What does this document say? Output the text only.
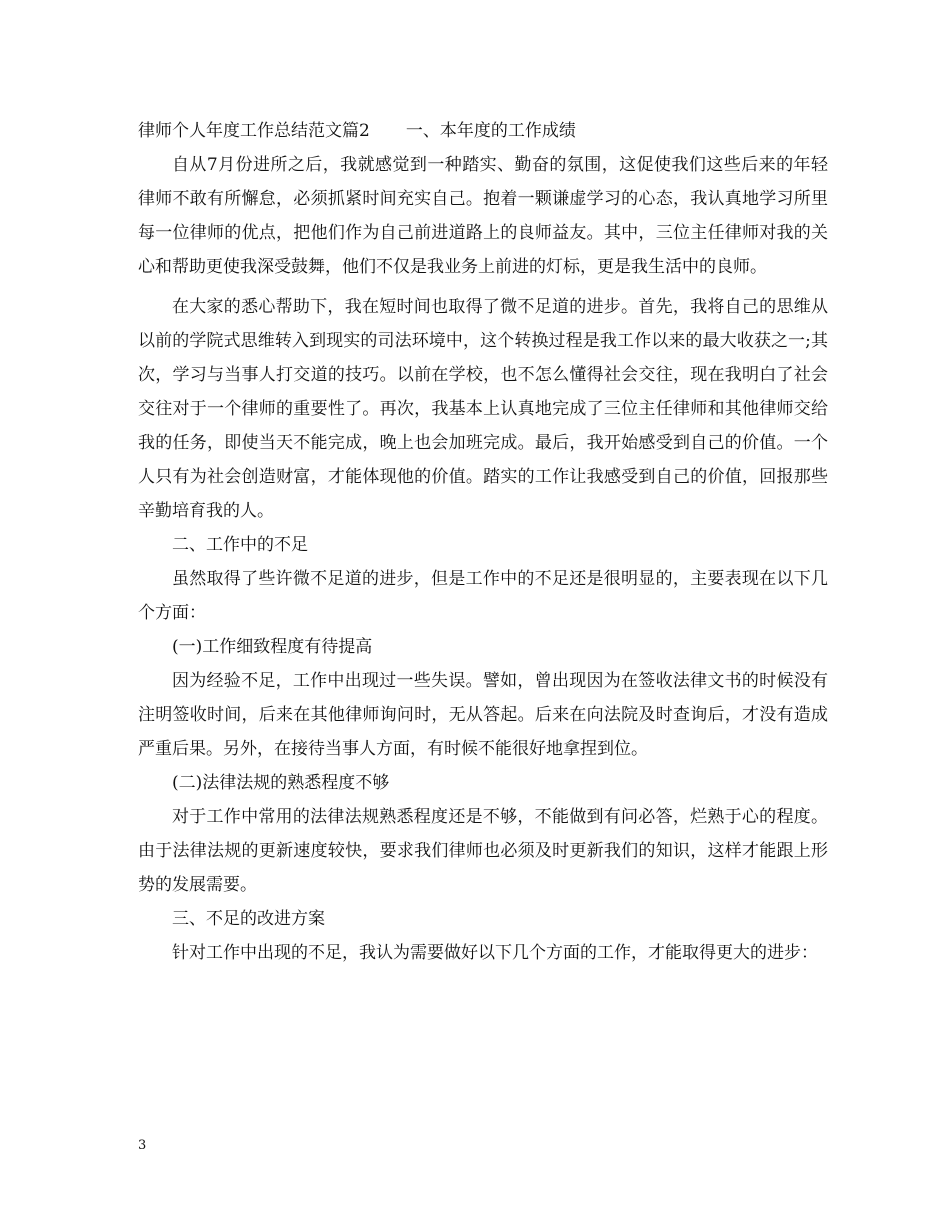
律师个人年度工作总结范文篇2 一、本年度的工作成绩

自从7月份进所之后，我就感觉到一种踏实、勤奋的氛围，这促使我们这些后来的年轻律师不敢有所懈怠，必须抓紧时间充实自己。抱着一颗谦虚学习的心态，我认真地学习所里每一位律师的优点，把他们作为自己前进道路上的良师益友。其中，三位主任律师对我的关心和帮助更使我深受鼓舞，他们不仅是我业务上前进的灯标，更是我生活中的良师。

在大家的悉心帮助下，我在短时间也取得了微不足道的进步。首先，我将自己的思维从以前的学院式思维转入到现实的司法环境中，这个转换过程是我工作以来的最大收获之一;其次，学习与当事人打交道的技巧。以前在学校，也不怎么懂得社会交往，现在我明白了社会交往对于一个律师的重要性了。再次，我基本上认真地完成了三位主任律师和其他律师交给我的任务，即使当天不能完成，晚上也会加班完成。最后，我开始感受到自己的价值。一个人只有为社会创造财富，才能体现他的价值。踏实的工作让我感受到自己的价值，回报那些辛勤培育我的人。

二、工作中的不足

虽然取得了些许微不足道的进步，但是工作中的不足还是很明显的，主要表现在以下几个方面：

(一)工作细致程度有待提高

因为经验不足，工作中出现过一些失误。譬如，曾出现因为在签收法律文书的时候没有注明签收时间，后来在其他律师询问时，无从答起。后来在向法院及时查询后，才没有造成严重后果。另外，在接待当事人方面，有时候不能很好地拿捏到位。

(二)法律法规的熟悉程度不够

对于工作中常用的法律法规熟悉程度还是不够，不能做到有问必答，烂熟于心的程度。由于法律法规的更新速度较快，要求我们律师也必须及时更新我们的知识，这样才能跟上形势的发展需要。

三、不足的改进方案

针对工作中出现的不足，我认为需要做好以下几个方面的工作，才能取得更大的进步：

3
